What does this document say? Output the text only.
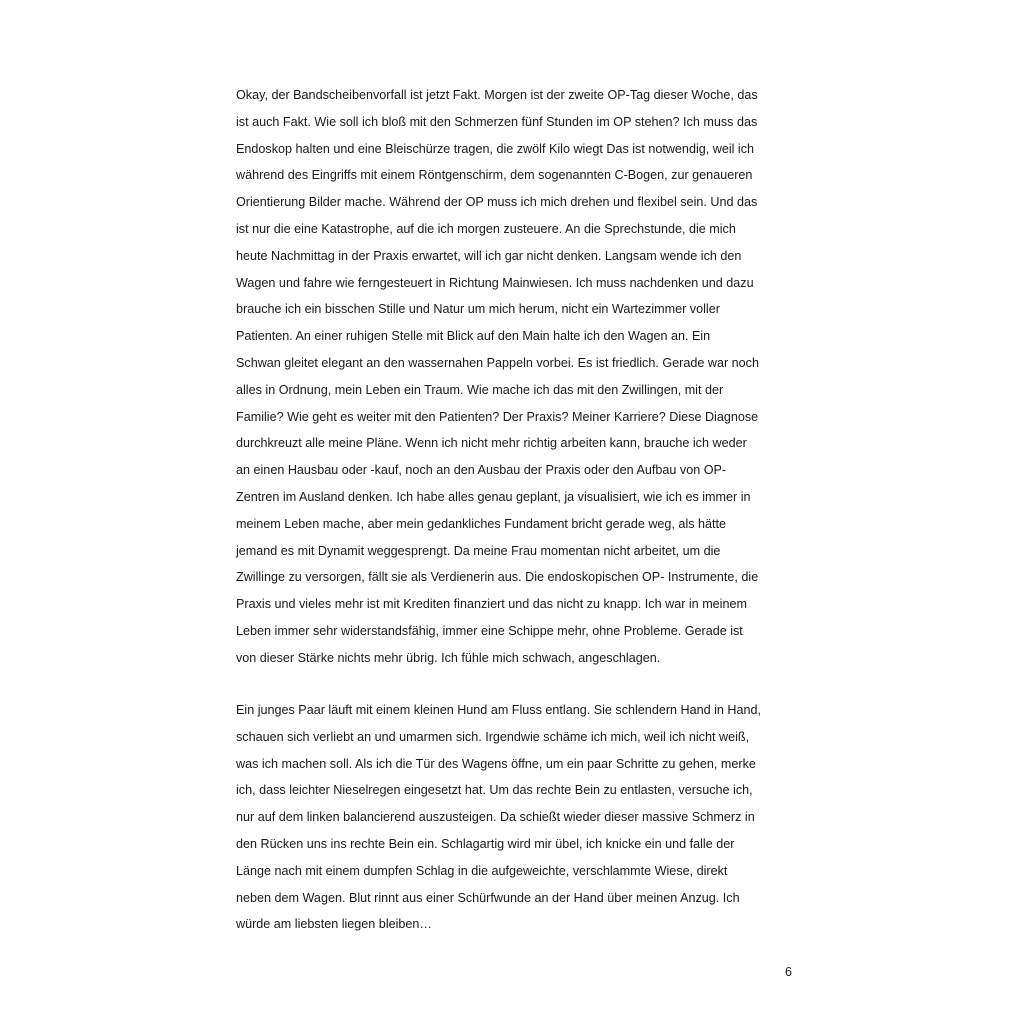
Okay, der Bandscheibenvorfall ist jetzt Fakt. Morgen ist der zweite OP-Tag dieser Woche, das
ist auch Fakt. Wie soll ich bloß mit den Schmerzen fünf Stunden im OP stehen? Ich muss das
Endoskop halten und eine Bleischürze tragen, die zwölf Kilo wiegt Das ist notwendig, weil ich
während des Eingriffs mit einem Röntgenschirm, dem sogenannten C-Bogen, zur genaueren
Orientierung Bilder mache. Während der OP muss ich mich drehen und flexibel sein. Und das
ist nur die eine Katastrophe, auf die ich morgen zusteuere. An die Sprechstunde, die mich
heute Nachmittag in der Praxis erwartet, will ich gar nicht denken. Langsam wende ich den
Wagen und fahre wie ferngesteuert in Richtung Mainwiesen. Ich muss nachdenken und dazu
brauche ich ein bisschen Stille und Natur um mich herum, nicht ein Wartezimmer voller
Patienten. An einer ruhigen Stelle mit Blick auf den Main halte ich den Wagen an. Ein
Schwan gleitet elegant an den wassernahen Pappeln vorbei. Es ist friedlich. Gerade war noch
alles in Ordnung, mein Leben ein Traum. Wie mache ich das mit den Zwillingen, mit der
Familie? Wie geht es weiter mit den Patienten? Der Praxis? Meiner Karriere? Diese Diagnose
durchkreuzt alle meine Pläne. Wenn ich nicht mehr richtig arbeiten kann, brauche ich weder
an einen Hausbau oder -kauf, noch an den Ausbau der Praxis oder den Aufbau von OP-
Zentren im Ausland denken. Ich habe alles genau geplant, ja visualisiert, wie ich es immer in
meinem Leben mache, aber mein gedankliches Fundament bricht gerade weg, als hätte
jemand es mit Dynamit weggesprengt. Da meine Frau momentan nicht arbeitet, um die
Zwillinge zu versorgen, fällt sie als Verdienerin aus. Die endoskopischen OP- Instrumente, die
Praxis und vieles mehr ist mit Krediten finanziert und das nicht zu knapp. Ich war in meinem
Leben immer sehr widerstandsfähig, immer eine Schippe mehr, ohne Probleme. Gerade ist
von dieser Stärke nichts mehr übrig. Ich fühle mich schwach, angeschlagen.
Ein junges Paar läuft mit einem kleinen Hund am Fluss entlang. Sie schlendern Hand in Hand,
schauen sich verliebt an und umarmen sich. Irgendwie schäme ich mich, weil ich nicht weiß,
was ich machen soll. Als ich die Tür des Wagens öffne, um ein paar Schritte zu gehen, merke
ich, dass leichter Nieselregen eingesetzt hat. Um das rechte Bein zu entlasten, versuche ich,
nur auf dem linken balancierend auszusteigen. Da schießt wieder dieser massive Schmerz in
den Rücken uns ins rechte Bein ein. Schlagartig wird mir übel, ich knicke ein und falle der
Länge nach mit einem dumpfen Schlag in die aufgeweichte, verschlammte Wiese, direkt
neben dem Wagen. Blut rinnt aus einer Schürfwunde an der Hand über meinen Anzug. Ich
würde am liebsten liegen bleiben…
6
